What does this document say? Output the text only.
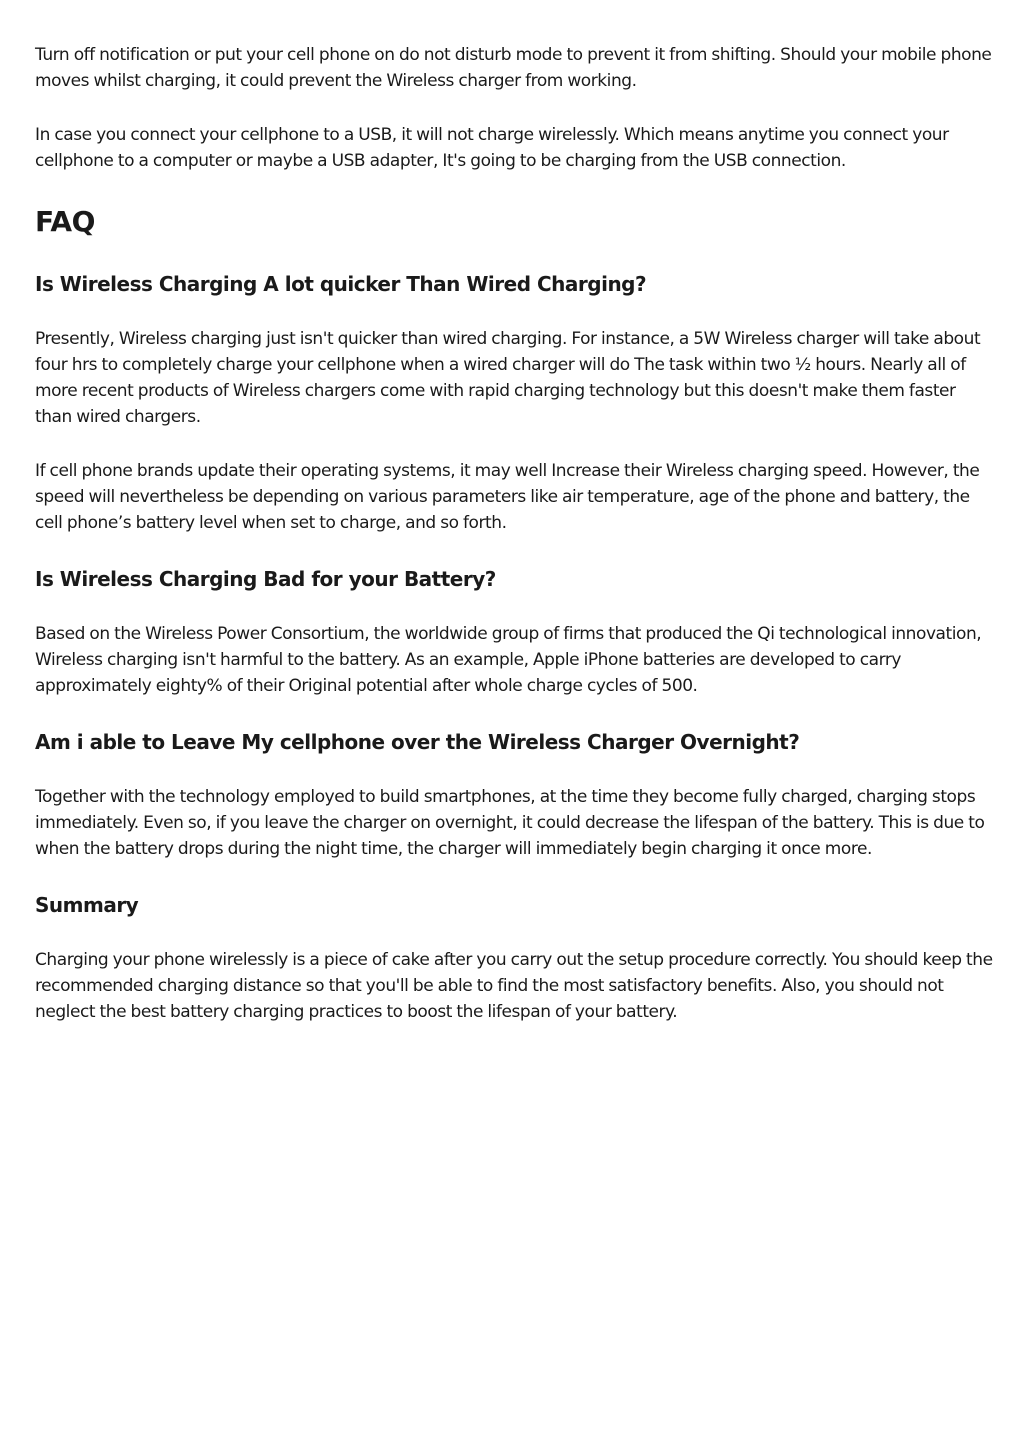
Turn off notification or put your cell phone on do not disturb mode to prevent it from shifting. Should your mobile phone moves whilst charging, it could prevent the Wireless charger from working.

In case you connect your cellphone to a USB, it will not charge wirelessly. Which means anytime you connect your cellphone to a computer or maybe a USB adapter, It's going to be charging from the USB connection.

FAQ
Is Wireless Charging A lot quicker Than Wired Charging?

Presently, Wireless charging just isn't quicker than wired charging. For instance, a 5W Wireless charger will take about four hrs to completely charge your cellphone when a wired charger will do The task within two ½ hours. Nearly all of more recent products of Wireless chargers come with rapid charging technology but this doesn't make them faster than wired chargers.

If cell phone brands update their operating systems, it may well Increase their Wireless charging speed. However, the speed will nevertheless be depending on various parameters like air temperature, age of the phone and battery, the cell phone’s battery level when set to charge, and so forth.

Is Wireless Charging Bad for your Battery?

Based on the Wireless Power Consortium, the worldwide group of firms that produced the Qi technological innovation, Wireless charging isn't harmful to the battery. As an example, Apple iPhone batteries are developed to carry approximately eighty% of their Original potential after whole charge cycles of 500.

Am i able to Leave My cellphone over the Wireless Charger Overnight?

Together with the technology employed to build smartphones, at the time they become fully charged, charging stops immediately. Even so, if you leave the charger on overnight, it could decrease the lifespan of the battery. This is due to when the battery drops during the night time, the charger will immediately begin charging it once more.

Summary

Charging your phone wirelessly is a piece of cake after you carry out the setup procedure correctly. You should keep the recommended charging distance so that you'll be able to find the most satisfactory benefits. Also, you should not neglect the best battery charging practices to boost the lifespan of your battery.
